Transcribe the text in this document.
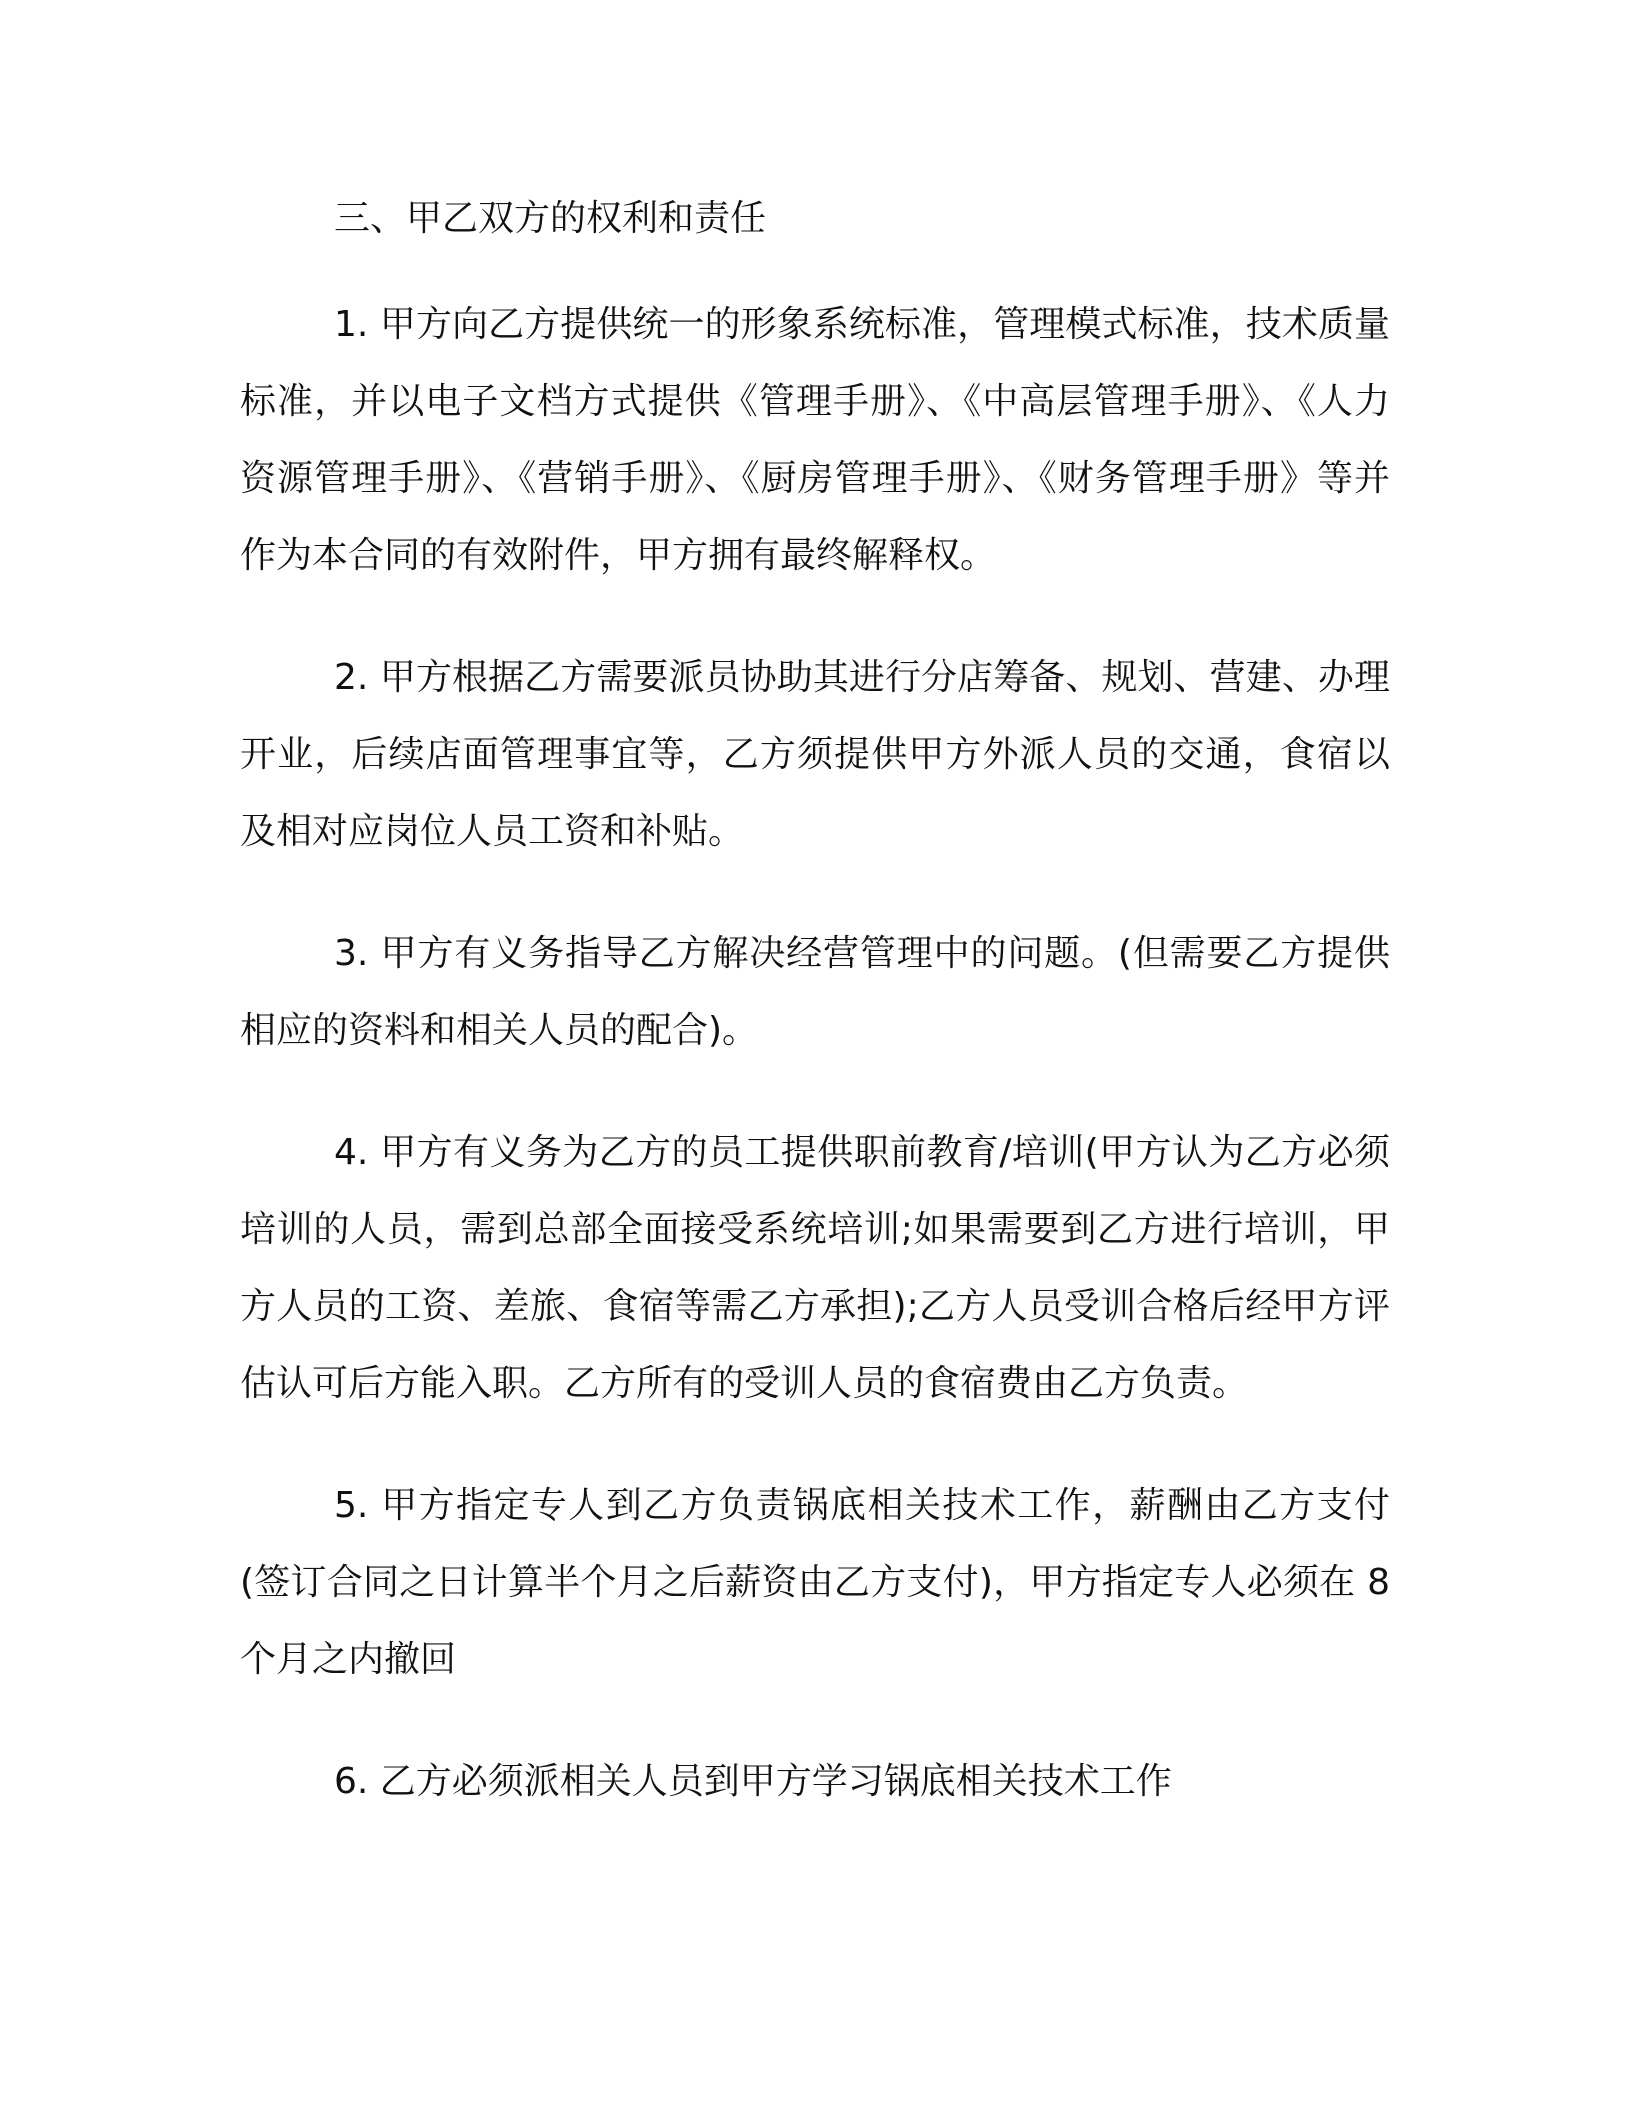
三、甲乙双方的权利和责任

1. 甲方向乙方提供统一的形象系统标准，管理模式标准，技术质量标准，并以电子文档方式提供《管理手册》、《中高层管理手册》、《人力资源管理手册》、《营销手册》、《厨房管理手册》、《财务管理手册》等并作为本合同的有效附件，甲方拥有最终解释权。

2. 甲方根据乙方需要派员协助其进行分店筹备、规划、营建、办理开业，后续店面管理事宜等，乙方须提供甲方外派人员的交通，食宿以及相对应岗位人员工资和补贴。

3. 甲方有义务指导乙方解决经营管理中的问题。(但需要乙方提供相应的资料和相关人员的配合)。

4. 甲方有义务为乙方的员工提供职前教育/培训(甲方认为乙方必须培训的人员，需到总部全面接受系统培训;如果需要到乙方进行培训，甲方人员的工资、差旅、食宿等需乙方承担);乙方人员受训合格后经甲方评估认可后方能入职。乙方所有的受训人员的食宿费由乙方负责。

5. 甲方指定专人到乙方负责锅底相关技术工作，薪酬由乙方支付(签订合同之日计算半个月之后薪资由乙方支付)，甲方指定专人必须在 8 个月之内撤回

6. 乙方必须派相关人员到甲方学习锅底相关技术工作
